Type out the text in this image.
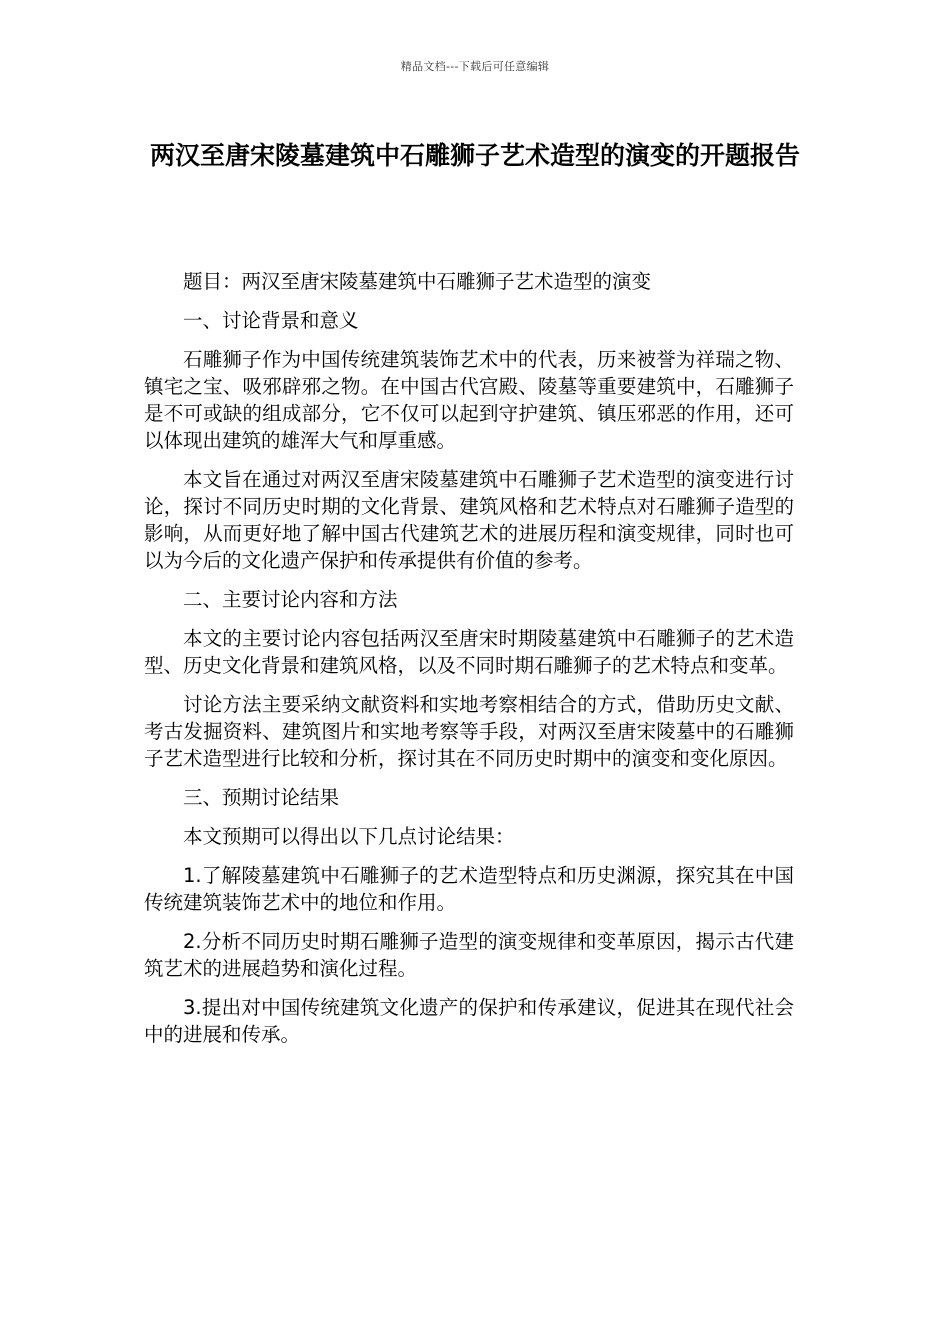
精品文档---下载后可任意编辑
两汉至唐宋陵墓建筑中石雕狮子艺术造型的演变的开题报告

题目：两汉至唐宋陵墓建筑中石雕狮子艺术造型的演变

一、讨论背景和意义

石雕狮子作为中国传统建筑装饰艺术中的代表，历来被誉为祥瑞之物、镇宅之宝、吸邪辟邪之物。在中国古代宫殿、陵墓等重要建筑中，石雕狮子是不可或缺的组成部分，它不仅可以起到守护建筑、镇压邪恶的作用，还可以体现出建筑的雄浑大气和厚重感。

本文旨在通过对两汉至唐宋陵墓建筑中石雕狮子艺术造型的演变进行讨论，探讨不同历史时期的文化背景、建筑风格和艺术特点对石雕狮子造型的影响，从而更好地了解中国古代建筑艺术的进展历程和演变规律，同时也可以为今后的文化遗产保护和传承提供有价值的参考。

二、主要讨论内容和方法

本文的主要讨论内容包括两汉至唐宋时期陵墓建筑中石雕狮子的艺术造型、历史文化背景和建筑风格，以及不同时期石雕狮子的艺术特点和变革。

讨论方法主要采纳文献资料和实地考察相结合的方式，借助历史文献、考古发掘资料、建筑图片和实地考察等手段，对两汉至唐宋陵墓中的石雕狮子艺术造型进行比较和分析，探讨其在不同历史时期中的演变和变化原因。

三、预期讨论结果

本文预期可以得出以下几点讨论结果：

1.了解陵墓建筑中石雕狮子的艺术造型特点和历史渊源，探究其在中国传统建筑装饰艺术中的地位和作用。

2.分析不同历史时期石雕狮子造型的演变规律和变革原因，揭示古代建筑艺术的进展趋势和演化过程。

3.提出对中国传统建筑文化遗产的保护和传承建议，促进其在现代社会中的进展和传承。
